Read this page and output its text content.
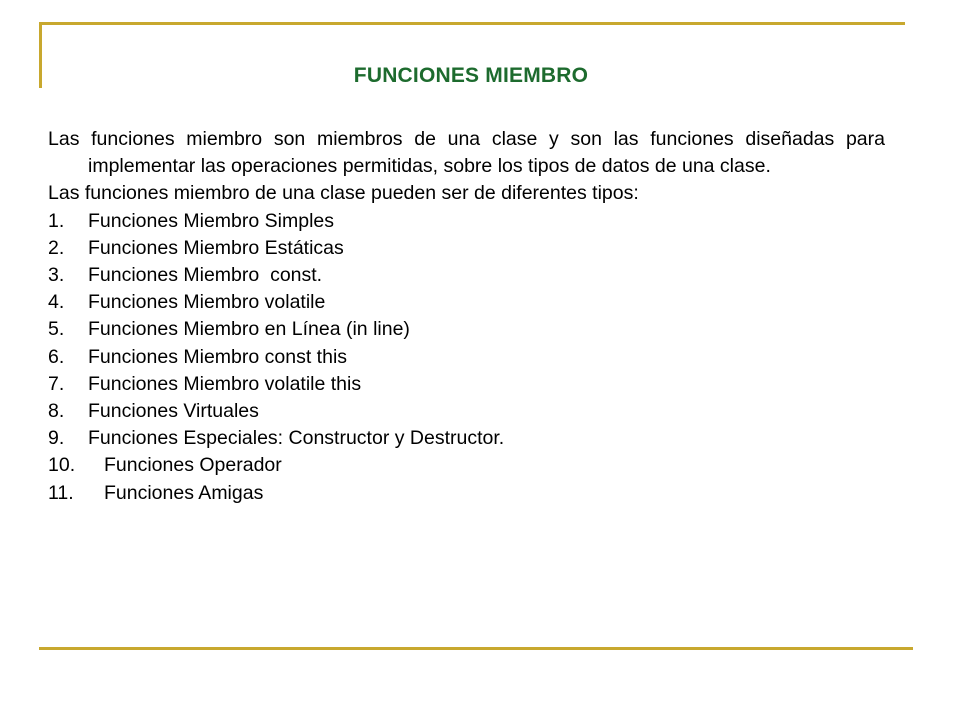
FUNCIONES MIEMBRO

Las funciones miembro son miembros de una clase y son las funciones diseñadas para implementar las operaciones permitidas, sobre los tipos de datos de una clase.

Las funciones miembro de una clase pueden ser de diferentes tipos:

1. Funciones Miembro Simples
2. Funciones Miembro Estáticas
3. Funciones Miembro  const.
4. Funciones Miembro volatile
5. Funciones Miembro en Línea (in line)
6. Funciones Miembro const this
7. Funciones Miembro volatile this
8. Funciones Virtuales
9. Funciones Especiales: Constructor y Destructor.
10. Funciones Operador
11. Funciones Amigas
